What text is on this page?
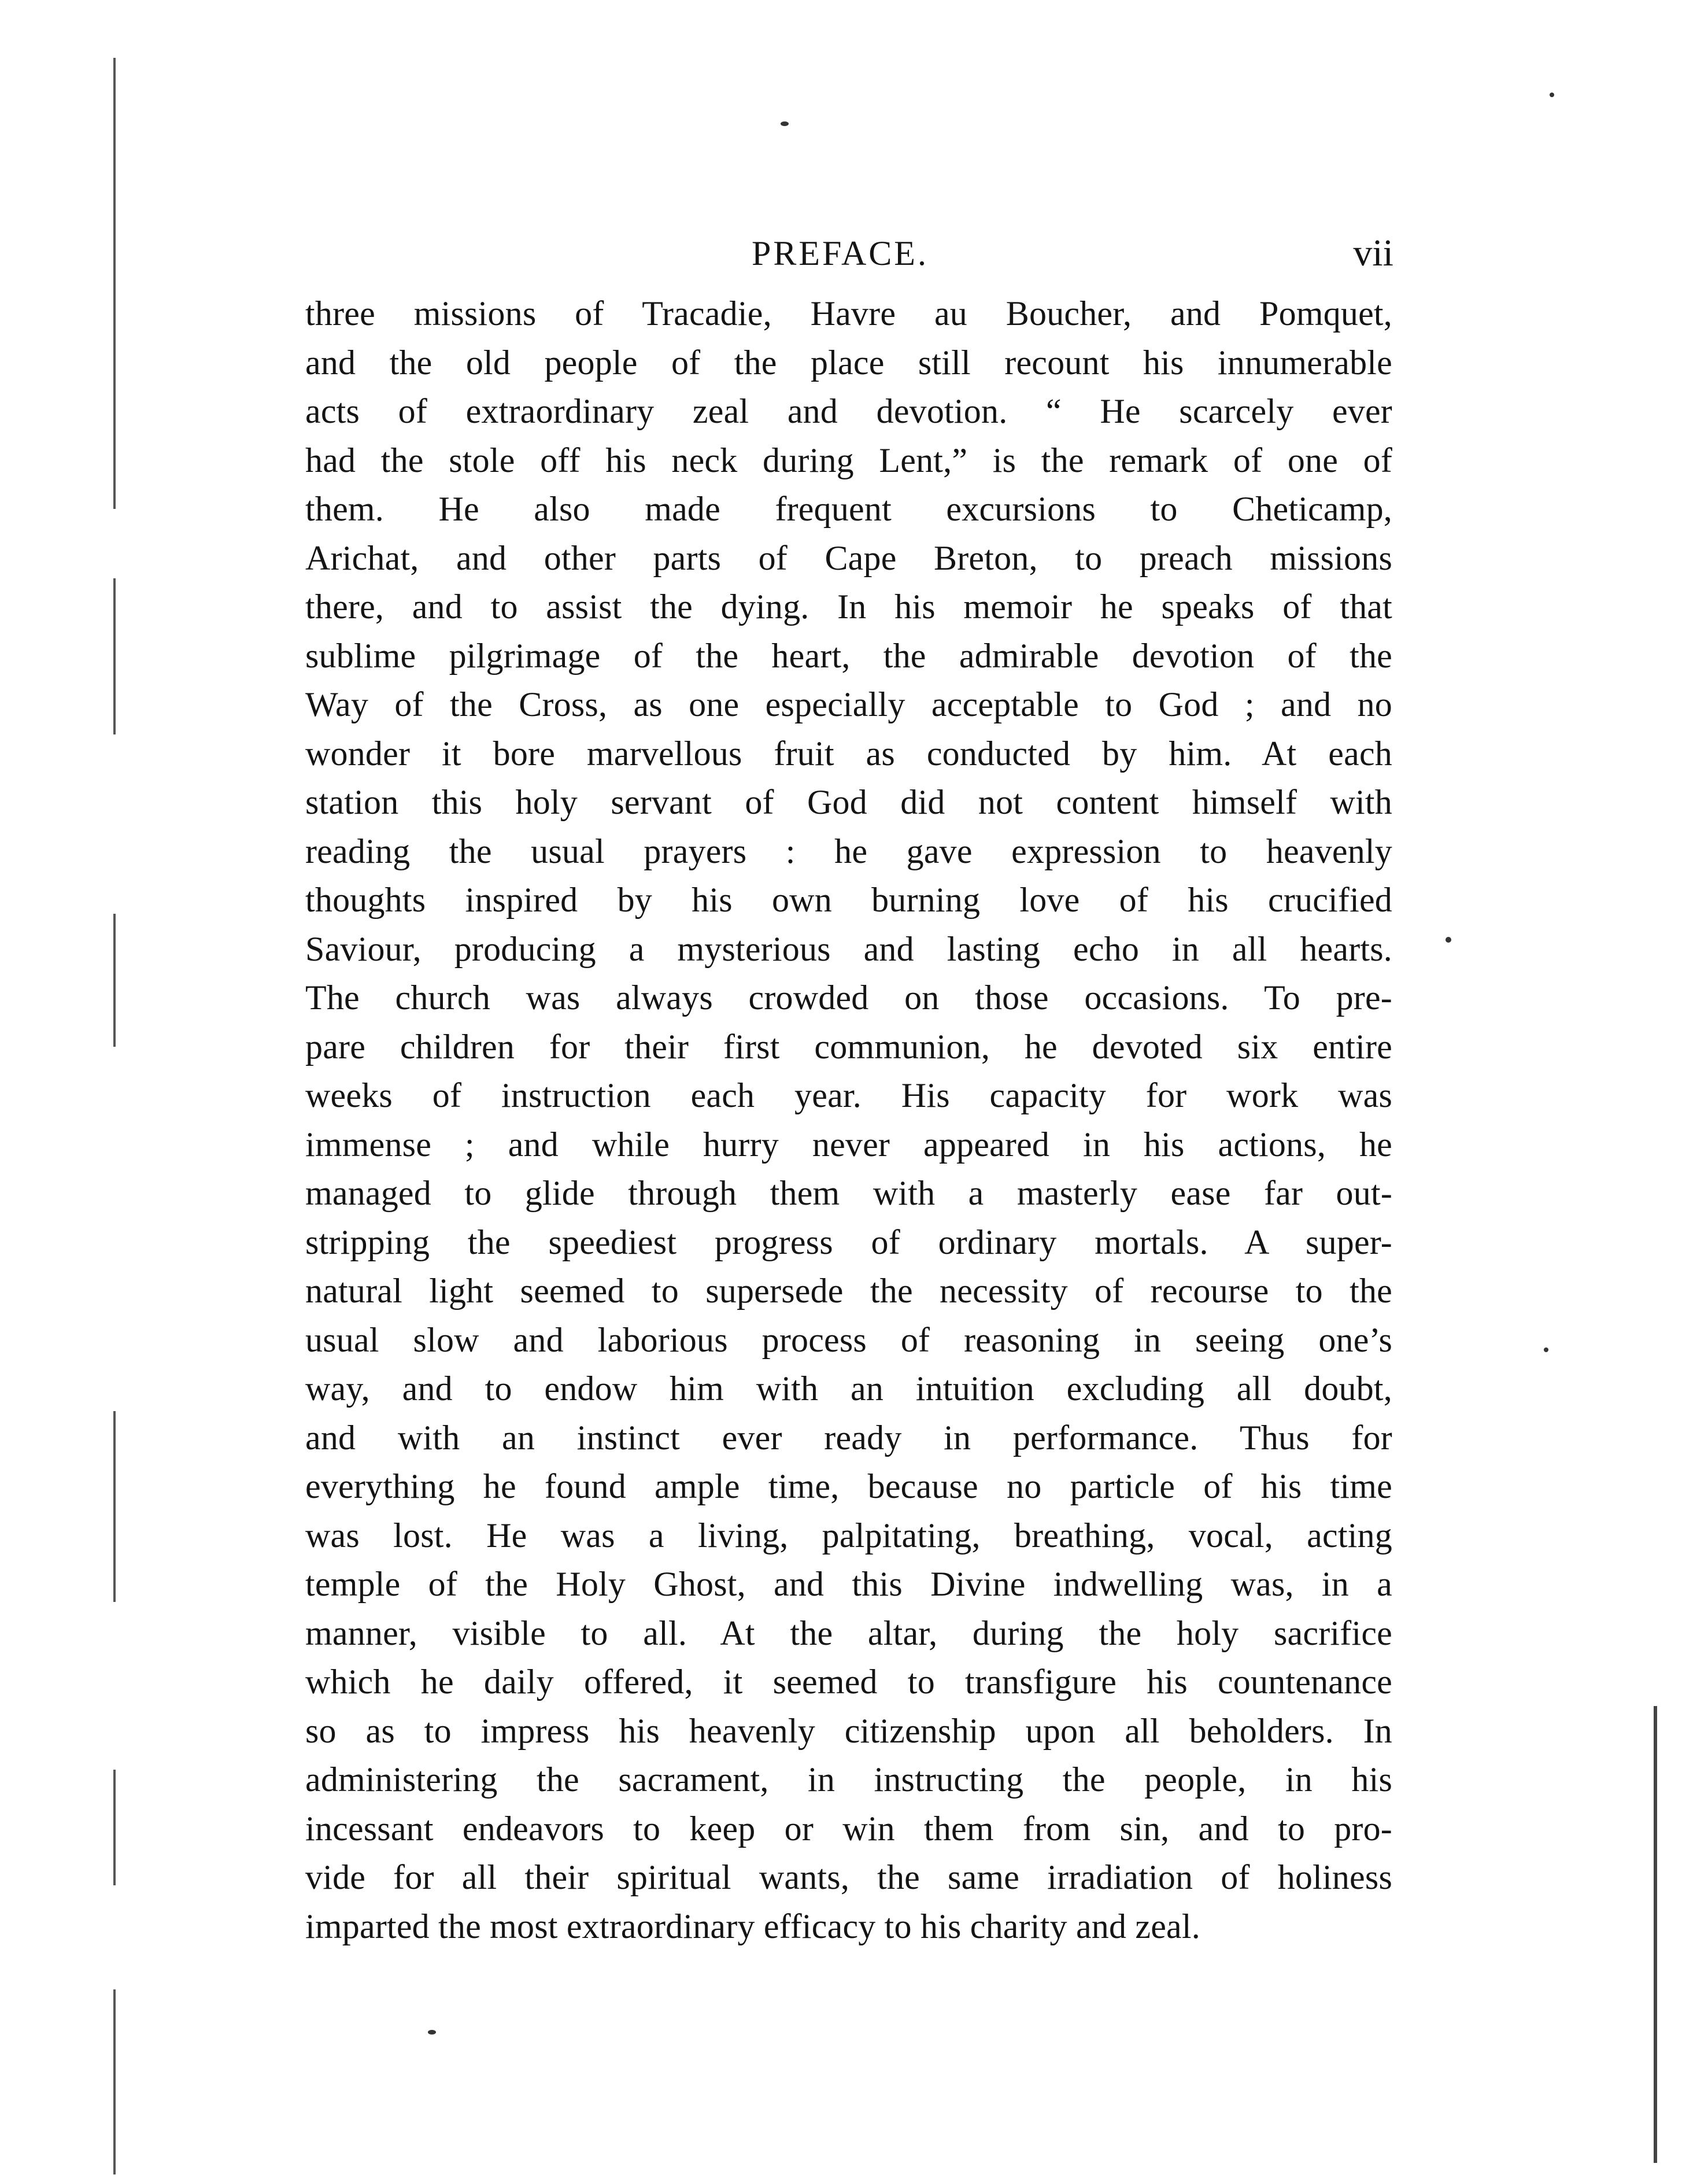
PREFACE.	vii
three missions of Tracadie, Havre au Boucher, and Pomquet,
and the old people of the place still recount his innumerable
acts of extraordinary zeal and devotion. “ He scarcely ever
had the stole off his neck during Lent,” is the remark of one of
them. He also made frequent excursions to Cheticamp,
Arichat, and other parts of Cape Breton, to preach missions
there, and to assist the dying. In his memoir he speaks of that
sublime pilgrimage of the heart, the admirable devotion of the
Way of the Cross, as one especially acceptable to God ; and no
wonder it bore marvellous fruit as conducted by him. At each
station this holy servant of God did not content himself with
reading the usual prayers : he gave expression to heavenly
thoughts inspired by his own burning love of his crucified
Saviour, producing a mysterious and lasting echo in all hearts.
The church was always crowded on those occasions. To pre-
pare children for their first communion, he devoted six entire
weeks of instruction each year. His capacity for work was
immense ; and while hurry never appeared in his actions, he
managed to glide through them with a masterly ease far out-
stripping the speediest progress of ordinary mortals. A super-
natural light seemed to supersede the necessity of recourse to the
usual slow and laborious process of reasoning in seeing one’s
way, and to endow him with an intuition excluding all doubt,
and with an instinct ever ready in performance. Thus for
everything he found ample time, because no particle of his time
was lost. He was a living, palpitating, breathing, vocal, acting
temple of the Holy Ghost, and this Divine indwelling was, in a
manner, visible to all. At the altar, during the holy sacrifice
which he daily offered, it seemed to transfigure his countenance
so as to impress his heavenly citizenship upon all beholders. In
administering the sacrament, in instructing the people, in his
incessant endeavors to keep or win them from sin, and to pro-
vide for all their spiritual wants, the same irradiation of holiness
imparted the most extraordinary efficacy to his charity and zeal.
